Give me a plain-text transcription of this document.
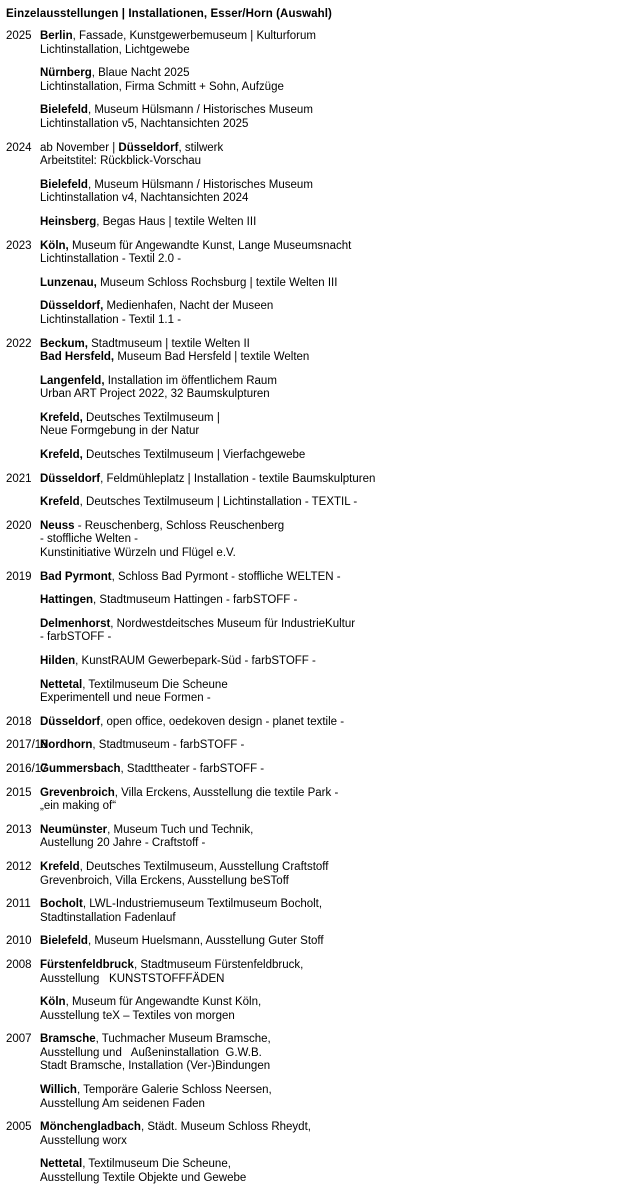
Einzelausstellungen | Installationen, Esser/Horn (Auswahl)
2025 Berlin, Fassade, Kunstgewerbemuseum | Kulturforum
Lichtinstallation, Lichtgewebe
Nürnberg, Blaue Nacht 2025
Lichtinstallation, Firma Schmitt + Sohn, Aufzüge
Bielefeld, Museum Hülsmann / Historisches Museum
Lichtinstallation v5, Nachtansichten 2025
2024 ab November | Düsseldorf, stilwerk
Arbeitstitel: Rückblick-Vorschau
Bielefeld, Museum Hülsmann / Historisches Museum
Lichtinstallation v4, Nachtansichten 2024
Heinsberg, Begas Haus | textile Welten III
2023 Köln, Museum für Angewandte Kunst, Lange Museumsnacht
Lichtinstallation - Textil 2.0 -
Lunzenau, Museum Schloss Rochsburg | textile Welten III
Düsseldorf, Medienhafen, Nacht der Museen
Lichtinstallation - Textil 1.1 -
2022 Beckum, Stadtmuseum | textile Welten II
Bad Hersfeld, Museum Bad Hersfeld | textile Welten
Langenfeld, Installation im öffentlichem Raum
Urban ART Project 2022, 32 Baumskulpturen
Krefeld, Deutsches Textilmuseum |
Neue Formgebung in der Natur
Krefeld, Deutsches Textilmuseum | Vierfachgewebe
2021 Düsseldorf, Feldmühleplatz | Installation - textile Baumskulpturen
Krefeld, Deutsches Textilmuseum | Lichtinstallation - TEXTIL -
2020 Neuss - Reuschenberg, Schloss Reuschenberg
- stoffliche Welten -
Kunstinitiative Würzeln und Flügel e.V.
2019 Bad Pyrmont, Schloss Bad Pyrmont - stoffliche WELTEN -
Hattingen, Stadtmuseum Hattingen - farbSTOFF -
Delmenhorst, Nordwestdeitsches Museum für IndustrieKultur
- farbSTOFF -
Hilden, KunstRAUM Gewerbepark-Süd - farbSTOFF -
Nettetal, Textilmuseum Die Scheune
Experimentell und neue Formen -
2018 Düsseldorf, open office, oedekoven design - planet textile -
2017/18
Nordhorn, Stadtmuseum - farbSTOFF -
2016/17
Gummersbach, Stadttheater - farbSTOFF -
2015 Grevenbroich, Villa Erckens, Ausstellung die textile Park -
„ein making of“
2013 Neumünster, Museum Tuch und Technik,
Austellung 20 Jahre - Craftstoff -
2012 Krefeld, Deutsches Textilmuseum, Ausstellung Craftstoff
Grevenbroich, Villa Erckens, Ausstellung beSToff
2011 Bocholt, LWL-Industriemuseum Textilmuseum Bocholt,
Stadtinstallation Fadenlauf
2010 Bielefeld, Museum Huelsmann, Ausstellung Guter Stoff
2008 Fürstenfeldbruck, Stadtmuseum Fürstenfeldbruck,
Ausstellung   KUNSTSTOFFFÄDEN
Köln, Museum für Angewandte Kunst Köln,
Ausstellung teX – Textiles von morgen
2007 Bramsche, Tuchmacher Museum Bramsche,
Ausstellung und   Außeninstallation  G.W.B.
Stadt Bramsche, Installation (Ver-)Bindungen
Willich, Temporäre Galerie Schloss Neersen,
Ausstellung Am seidenen Faden
2005 Mönchengladbach, Städt. Museum Schloss Rheydt,
Ausstellung worx
Nettetal, Textilmuseum Die Scheune,
Ausstellung Textile Objekte und Gewebe
